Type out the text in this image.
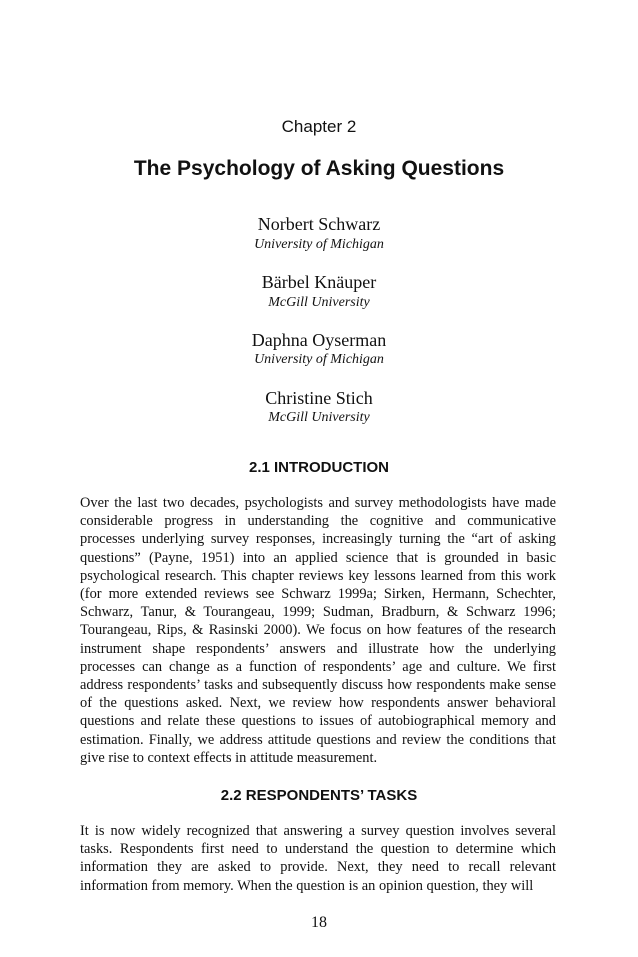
Chapter 2
The Psychology of Asking Questions
Norbert Schwarz
University of Michigan
Bärbel Knäuper
McGill University
Daphna Oyserman
University of Michigan
Christine Stich
McGill University
2.1 INTRODUCTION

Over the last two decades, psychologists and survey methodologists have made considerable progress in understanding the cognitive and communicative processes underlying survey responses, increasingly turning the “art of asking questions” (Payne, 1951) into an applied science that is grounded in basic psychological research. This chapter reviews key lessons learned from this work (for more extended reviews see Schwarz 1999a; Sirken, Hermann, Schechter, Schwarz, Tanur, & Tourangeau, 1999; Sudman, Bradburn, & Schwarz 1996; Tourangeau, Rips, & Rasinski 2000). We focus on how features of the research instrument shape respondents’ answers and illustrate how the underlying processes can change as a function of respondents’ age and culture. We first address respondents’ tasks and subsequently discuss how respondents make sense of the questions asked. Next, we review how respondents answer behavioral questions and relate these questions to issues of autobiographical memory and estimation. Finally, we address attitude questions and review the conditions that give rise to context effects in attitude measurement.

2.2 RESPONDENTS’ TASKS

It is now widely recognized that answering a survey question involves several tasks. Respondents first need to understand the question to determine which information they are asked to provide. Next, they need to recall relevant information from memory. When the question is an opinion question, they will

18
